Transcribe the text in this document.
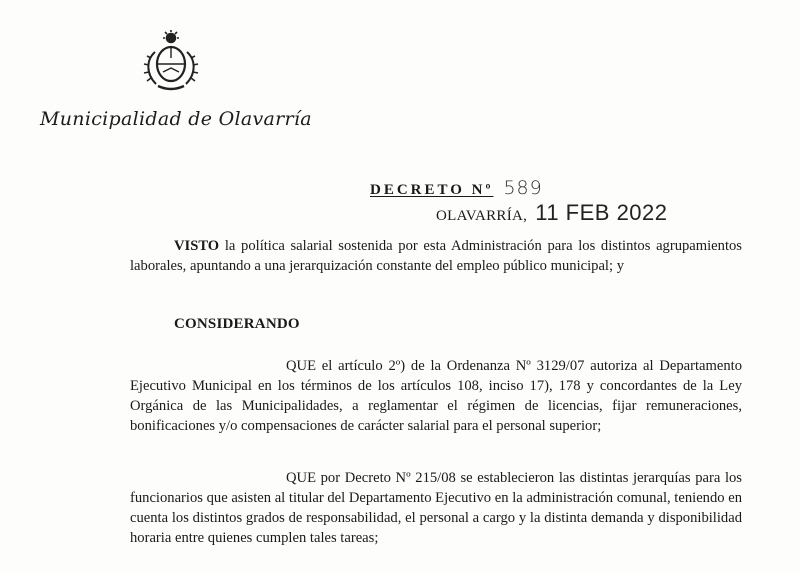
Municipalidad de Olavarría
DECRETO Nº 589
OLAVARRÍA, 11 FEB 2022

VISTO la política salarial sostenida por esta Administración para los distintos agrupamientos laborales, apuntando a una jerarquización constante del empleo público municipal; y

CONSIDERANDO

QUE el artículo 2º) de la Ordenanza Nº 3129/07 autoriza al Departamento Ejecutivo Municipal en los términos de los artículos 108, inciso 17), 178 y concordantes de la Ley Orgánica de las Municipalidades, a reglamentar el régimen de licencias, fijar remuneraciones, bonificaciones y/o compensaciones de carácter salarial para el personal superior;

QUE por Decreto Nº 215/08 se establecieron las distintas jerarquías para los funcionarios que asisten al titular del Departamento Ejecutivo en la administración comunal, teniendo en cuenta los distintos grados de responsabilidad, el personal a cargo y la distinta demanda y disponibilidad horaria entre quienes cumplen tales tareas;
